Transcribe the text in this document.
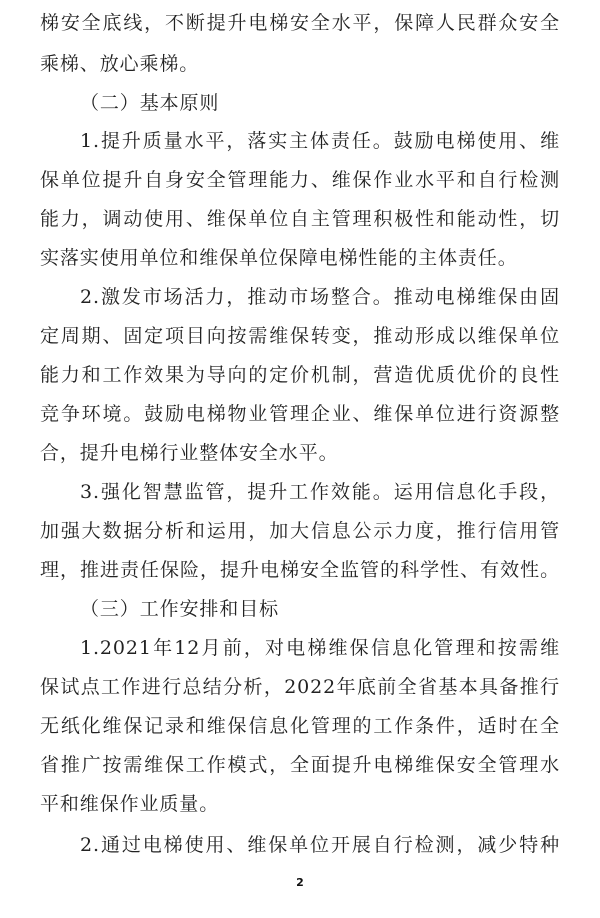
梯安全底线，不断提升电梯安全水平，保障人民群众安全
乘梯、放心乘梯。
（二）基本原则
1.提升质量水平，落实主体责任。鼓励电梯使用、维
保单位提升自身安全管理能力、维保作业水平和自行检测
能力，调动使用、维保单位自主管理积极性和能动性，切
实落实使用单位和维保单位保障电梯性能的主体责任。
2.激发市场活力，推动市场整合。推动电梯维保由固
定周期、固定项目向按需维保转变，推动形成以维保单位
能力和工作效果为导向的定价机制，营造优质优价的良性
竞争环境。鼓励电梯物业管理企业、维保单位进行资源整
合，提升电梯行业整体安全水平。
3.强化智慧监管，提升工作效能。运用信息化手段，
加强大数据分析和运用，加大信息公示力度，推行信用管
理，推进责任保险，提升电梯安全监管的科学性、有效性。
（三）工作安排和目标
1.2021年12月前，对电梯维保信息化管理和按需维
保试点工作进行总结分析，2022年底前全省基本具备推行
无纸化维保记录和维保信息化管理的工作条件，适时在全
省推广按需维保工作模式，全面提升电梯维保安全管理水
平和维保作业质量。
2.通过电梯使用、维保单位开展自行检测，减少特种
2
